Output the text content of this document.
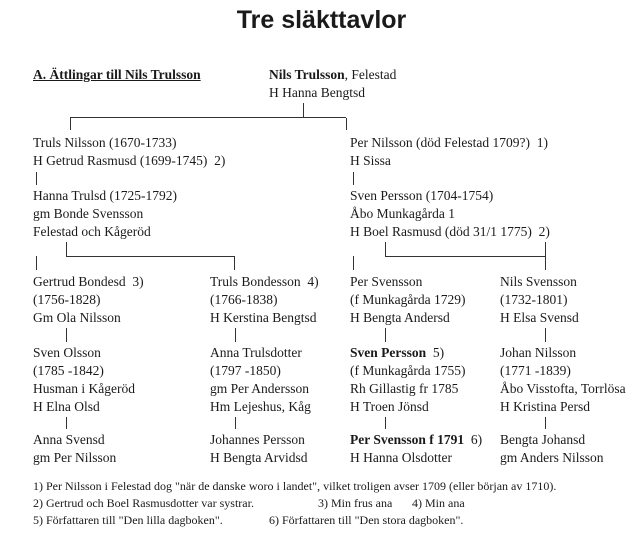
Tre släkttavlor
A. Ättlingar till Nils Trulsson	Nils Trulsson, Felestad
H Hanna Bengtsd
Truls Nilsson (1670-1733)
H Getrud Rasmusd (1699-1745) 2)
Per Nilsson (död Felestad 1709?) 1)
H Sissa
Hanna Trulsd (1725-1792)
gm Bonde Svensson
Felestad och Kågeröd
Sven Persson (1704-1754)
Åbo Munkagårda 1
H Boel Rasmusd (död 31/1 1775) 2)
Gertrud Bondesd 3)
(1756-1828)
Gm Ola Nilsson
Sven Olsson
(1785 -1842)
Husman i Kågeröd
H Elna Olsd
Anna Svensd
gm Per Nilsson
Truls Bondesson 4)
(1766-1838)
H Kerstina Bengtsd
Anna Trulsdotter
(1797 -1850)
gm Per Andersson
Hm Lejeshus, Kåg
Johannes Persson
H Bengta Arvidsd
Per Svensson
(f Munkagårda 1729)
H Bengta Andersd
Sven Persson 5)
(f Munkagårda 1755)
Rh Gillastig fr 1785
H Troen Jönsd
Per Svensson f 1791 6)
H Hanna Olsdotter
Nils Svensson
(1732-1801)
H Elsa Svensd
Johan Nilsson
(1771 -1839)
Åbo Visstofta, Torrlösa
H Kristina Persd
Bengta Johansd
gm Anders Nilsson
1) Per Nilsson i Felestad dog "när de danske woro i landet", vilket troligen avser 1709 (eller början av 1710).
2) Gertrud och Boel Rasmusdotter var systrar.	3) Min frus ana 4) Min ana
5) Författaren till "Den lilla dagboken".	6) Författaren till "Den stora dagboken".
